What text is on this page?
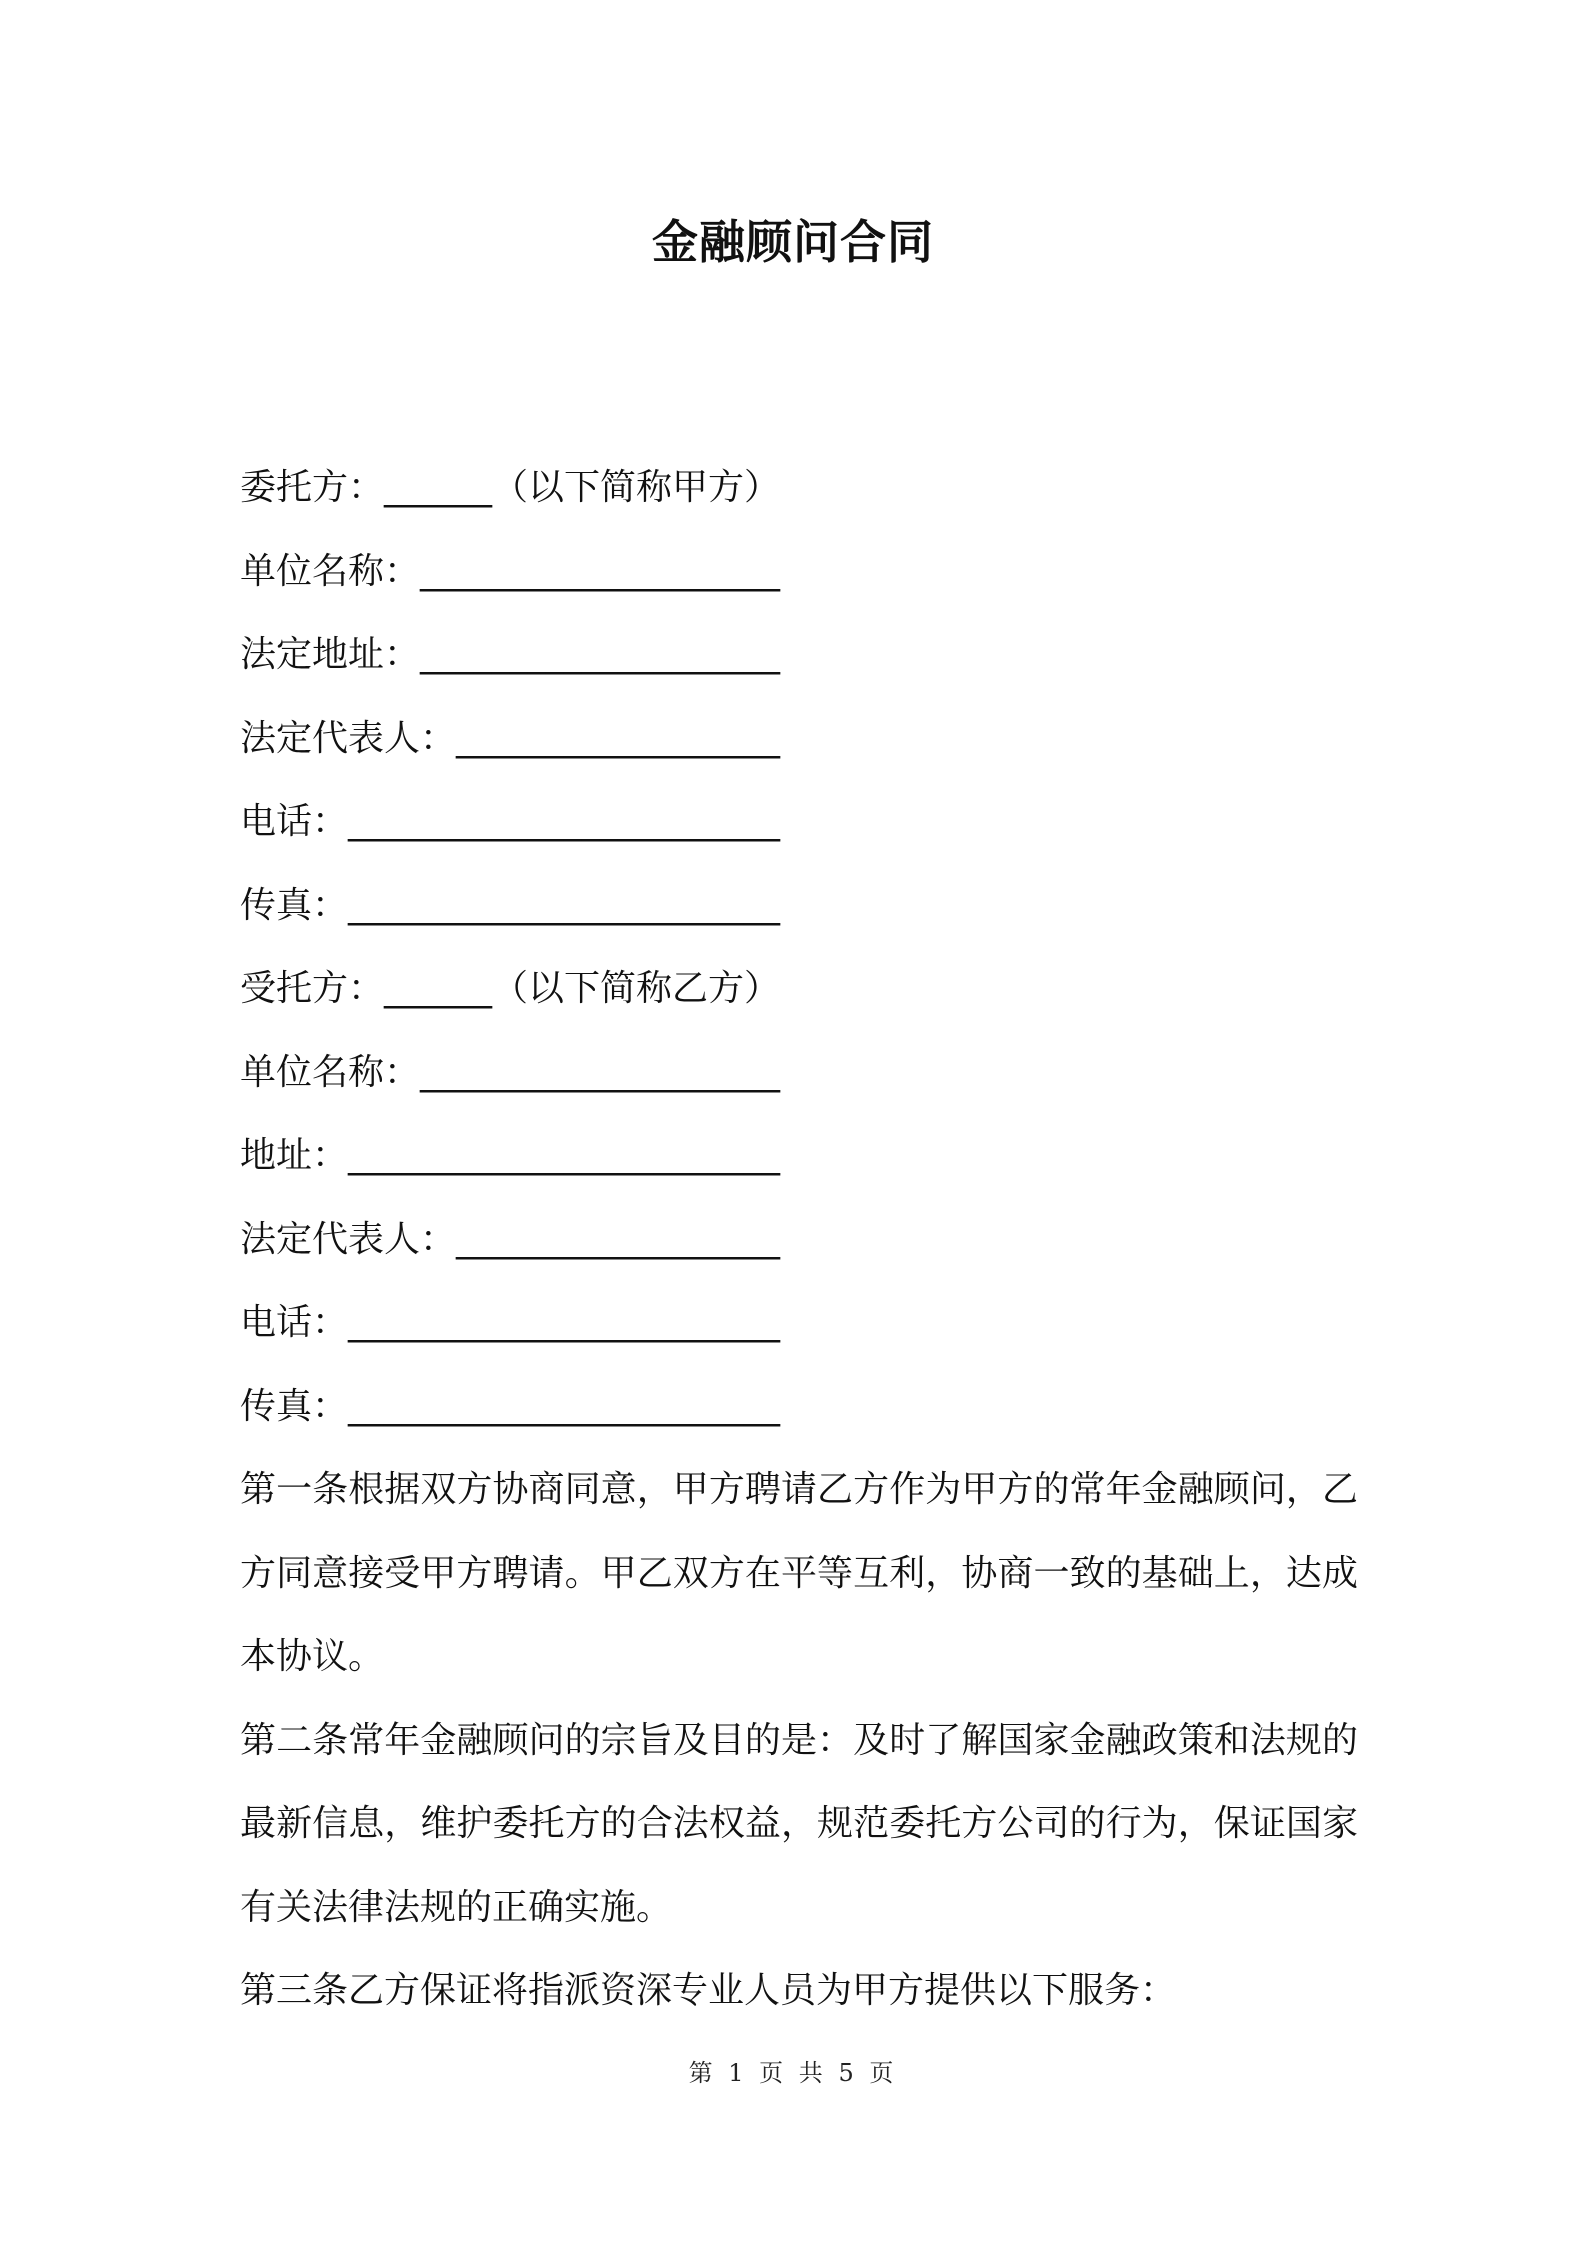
金融顾问合同
委托方：______（以下简称甲方）
单位名称：____________________
法定地址：____________________
法定代表人：__________________
电话：________________________
传真：________________________
受托方：______（以下简称乙方）
单位名称：____________________
地址：________________________
法定代表人：__________________
电话：________________________
传真：________________________
第一条根据双方协商同意，甲方聘请乙方作为甲方的常年金融顾问，乙方同意接受甲方聘请。甲乙双方在平等互利，协商一致的基础上，达成本协议。
第二条常年金融顾问的宗旨及目的是：及时了解国家金融政策和法规的最新信息，维护委托方的合法权益，规范委托方公司的行为，保证国家有关法律法规的正确实施。
第三条乙方保证将指派资深专业人员为甲方提供以下服务：
第 1 页 共 5 页
